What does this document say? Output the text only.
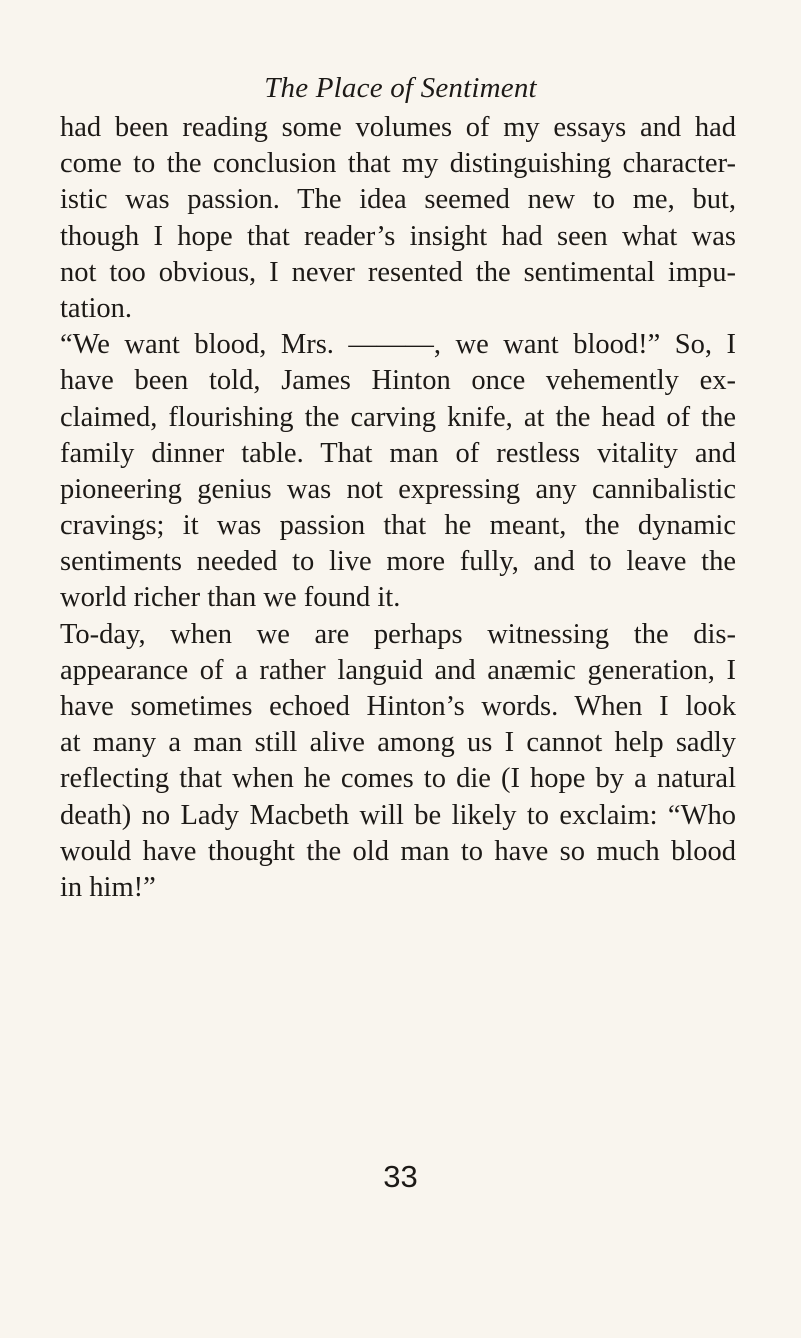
The Place of Sentiment
had been reading some volumes of my essays and had
come to the conclusion that my distinguishing character-
istic was passion. The idea seemed new to me, but,
though I hope that reader’s insight had seen what was
not too obvious, I never resented the sentimental impu-
tation.
“We want blood, Mrs. ———, we want blood!” So, I
have been told, James Hinton once vehemently ex-
claimed, flourishing the carving knife, at the head of the
family dinner table. That man of restless vitality and
pioneering genius was not expressing any cannibalistic
cravings; it was passion that he meant, the dynamic
sentiments needed to live more fully, and to leave the
world richer than we found it.
To-day, when we are perhaps witnessing the dis-
appearance of a rather languid and anæmic generation, I
have sometimes echoed Hinton’s words. When I look
at many a man still alive among us I cannot help sadly
reflecting that when he comes to die (I hope by a natural
death) no Lady Macbeth will be likely to exclaim: “Who
would have thought the old man to have so much blood
in him!”
33
